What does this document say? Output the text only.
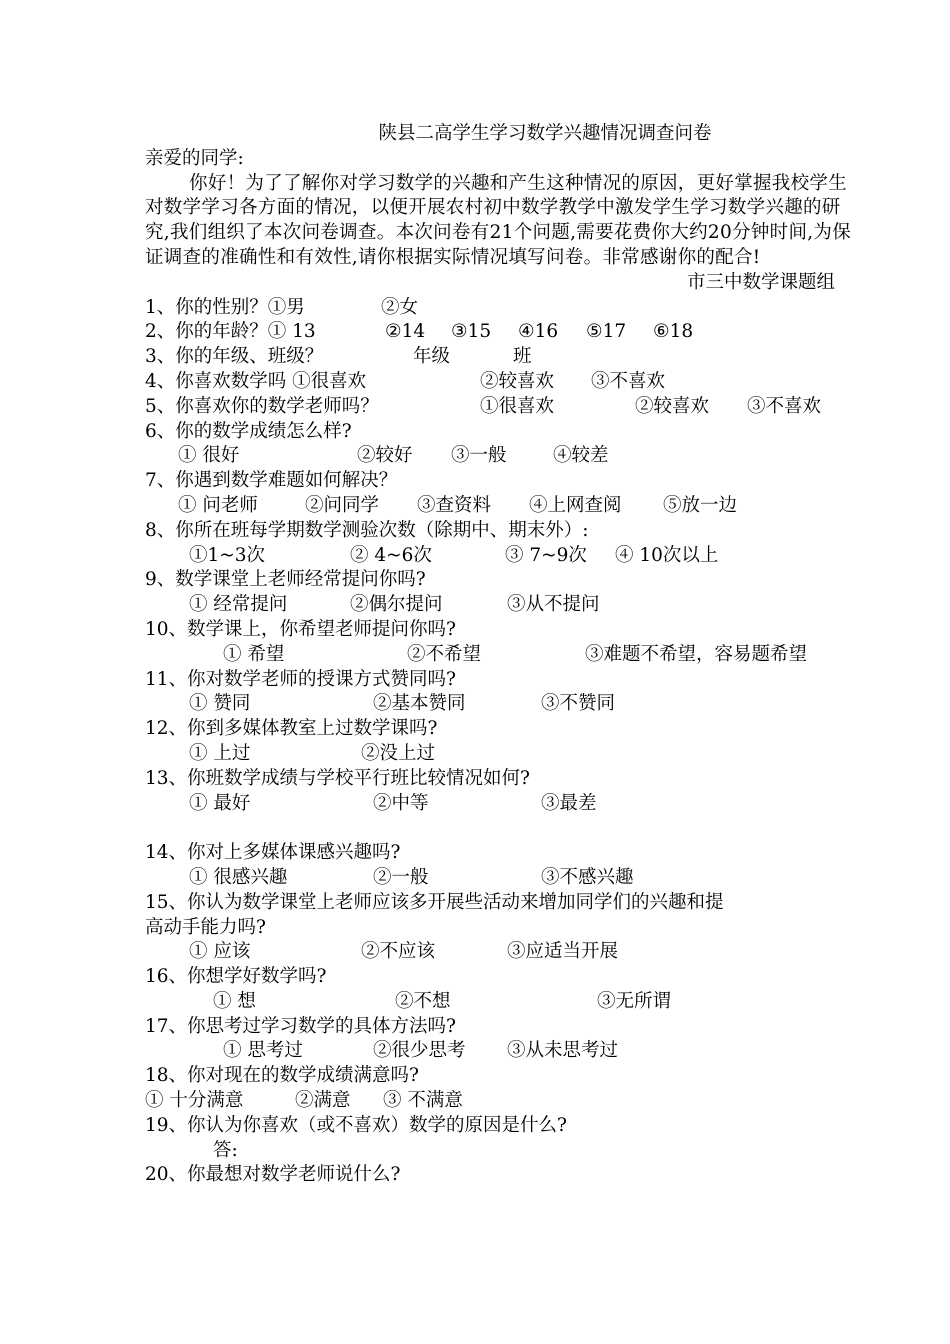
陕县二高学生学习数学兴趣情况调查问卷
亲爱的同学:
你好！为了了解你对学习数学的兴趣和产生这种情况的原因，更好掌握我校学生对数学学习各方面的情况，以便开展农村初中数学教学中激发学生学习数学兴趣的研究,我们组织了本次问卷调查。本次问卷有21个问题,需要花费你大约20分钟时间,为保证调查的准确性和有效性,请你根据实际情况填写问卷。非常感谢你的配合!
市三中数学课题组
1、你的性别？①男	②女
2、你的年龄？① 13	②14 ③15 ④16 ⑤17 ⑥18
3、你的年级、班级？	年级	班
4、你喜欢数学吗 ①很喜欢	②较喜欢 ③不喜欢
5、你喜欢你的数学老师吗？	①很喜欢	②较喜欢 ③不喜欢
6、你的数学成绩怎么样?
① 很好	②较好 ③一般	④较差
7、你遇到数学难题如何解决？
① 问老师	②问同学 ③查资料 ④上网查阅 ⑤放一边
8、你所在班每学期数学测验次数（除期中、期末外）:
①1~3次	② 4~6次	③ 7~9次 ④ 10次以上
9、数学课堂上老师经常提问你吗?
① 经常提问	②偶尔提问	③从不提问
10、数学课上，你希望老师提问你吗?
① 希望	②不希望	③难题不希望，容易题希望
11、你对数学老师的授课方式赞同吗?
① 赞同	②基本赞同	③不赞同
12、你到多媒体教室上过数学课吗?
① 上过	②没上过
13、你班数学成绩与学校平行班比较情况如何?
① 最好	②中等	③最差
14、你对上多媒体课感兴趣吗?
① 很感兴趣	②一般	③不感兴趣
15、你认为数学课堂上老师应该多开展些活动来增加同学们的兴趣和提
高动手能力吗?
① 应该	②不应该	③应适当开展
16、你想学好数学吗?
① 想	②不想	③无所谓
17、你思考过学习数学的具体方法吗?
① 思考过	②很少思考 ③从未思考过
18、你对现在的数学成绩满意吗?
① 十分满意	②满意 ③ 不满意
19、你认为你喜欢（或不喜欢）数学的原因是什么?
答:
20、你最想对数学老师说什么?
